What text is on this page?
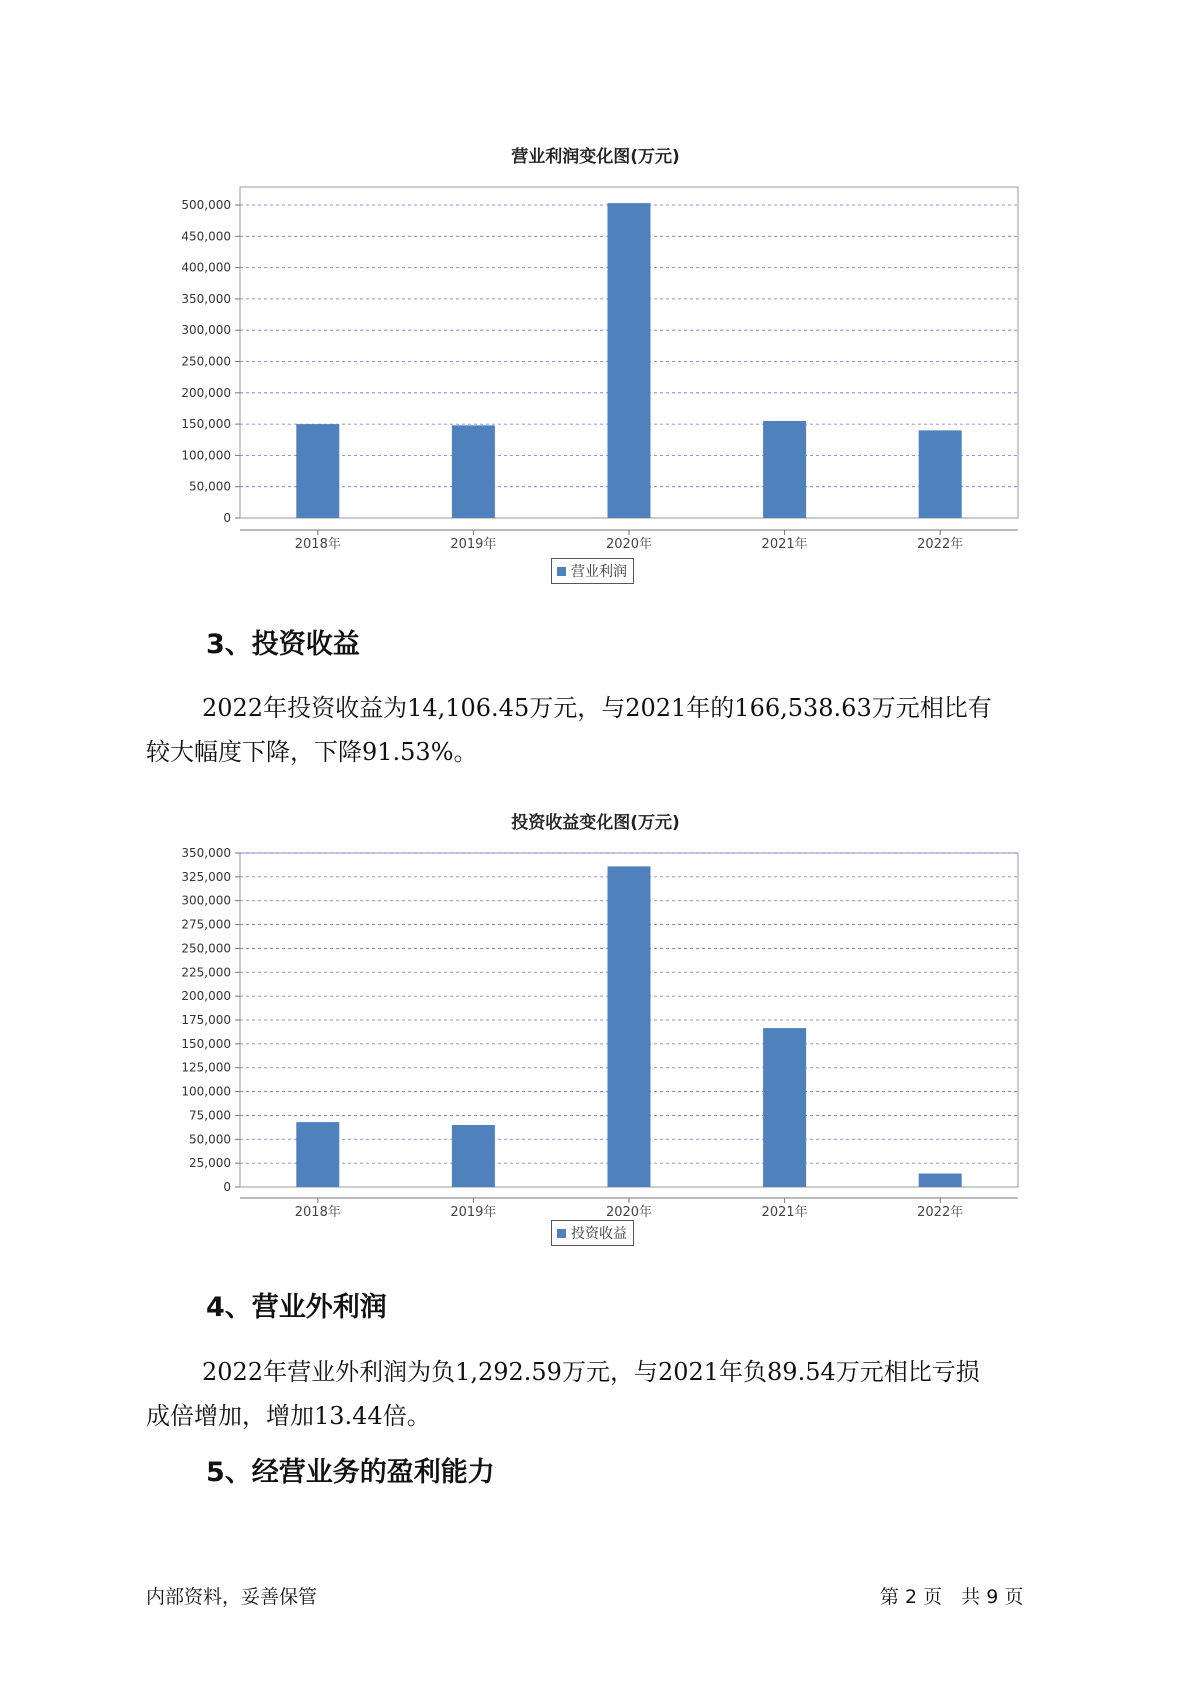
营业利润变化图(万元)
0
50,000
100,000
150,000
200,000
250,000
300,000
350,000
400,000
450,000
500,000
2018年	2019年	2020年	2021年	2022年
营业利润
3、投资收益
2022年投资收益为14,106.45万元，与2021年的166,538.63万元相比有
较大幅度下降，下降91.53%。
投资收益变化图(万元)
0
25,000
50,000
75,000
100,000
125,000
150,000
175,000
200,000
225,000
250,000
275,000
300,000
325,000
350,000
2018年	2019年	2020年	2021年	2022年
投资收益
4、营业外利润
2022年营业外利润为负1,292.59万元，与2021年负89.54万元相比亏损
成倍增加，增加13.44倍。
5、经营业务的盈利能力
内部资料，妥善保管	第 2 页　共 9 页
